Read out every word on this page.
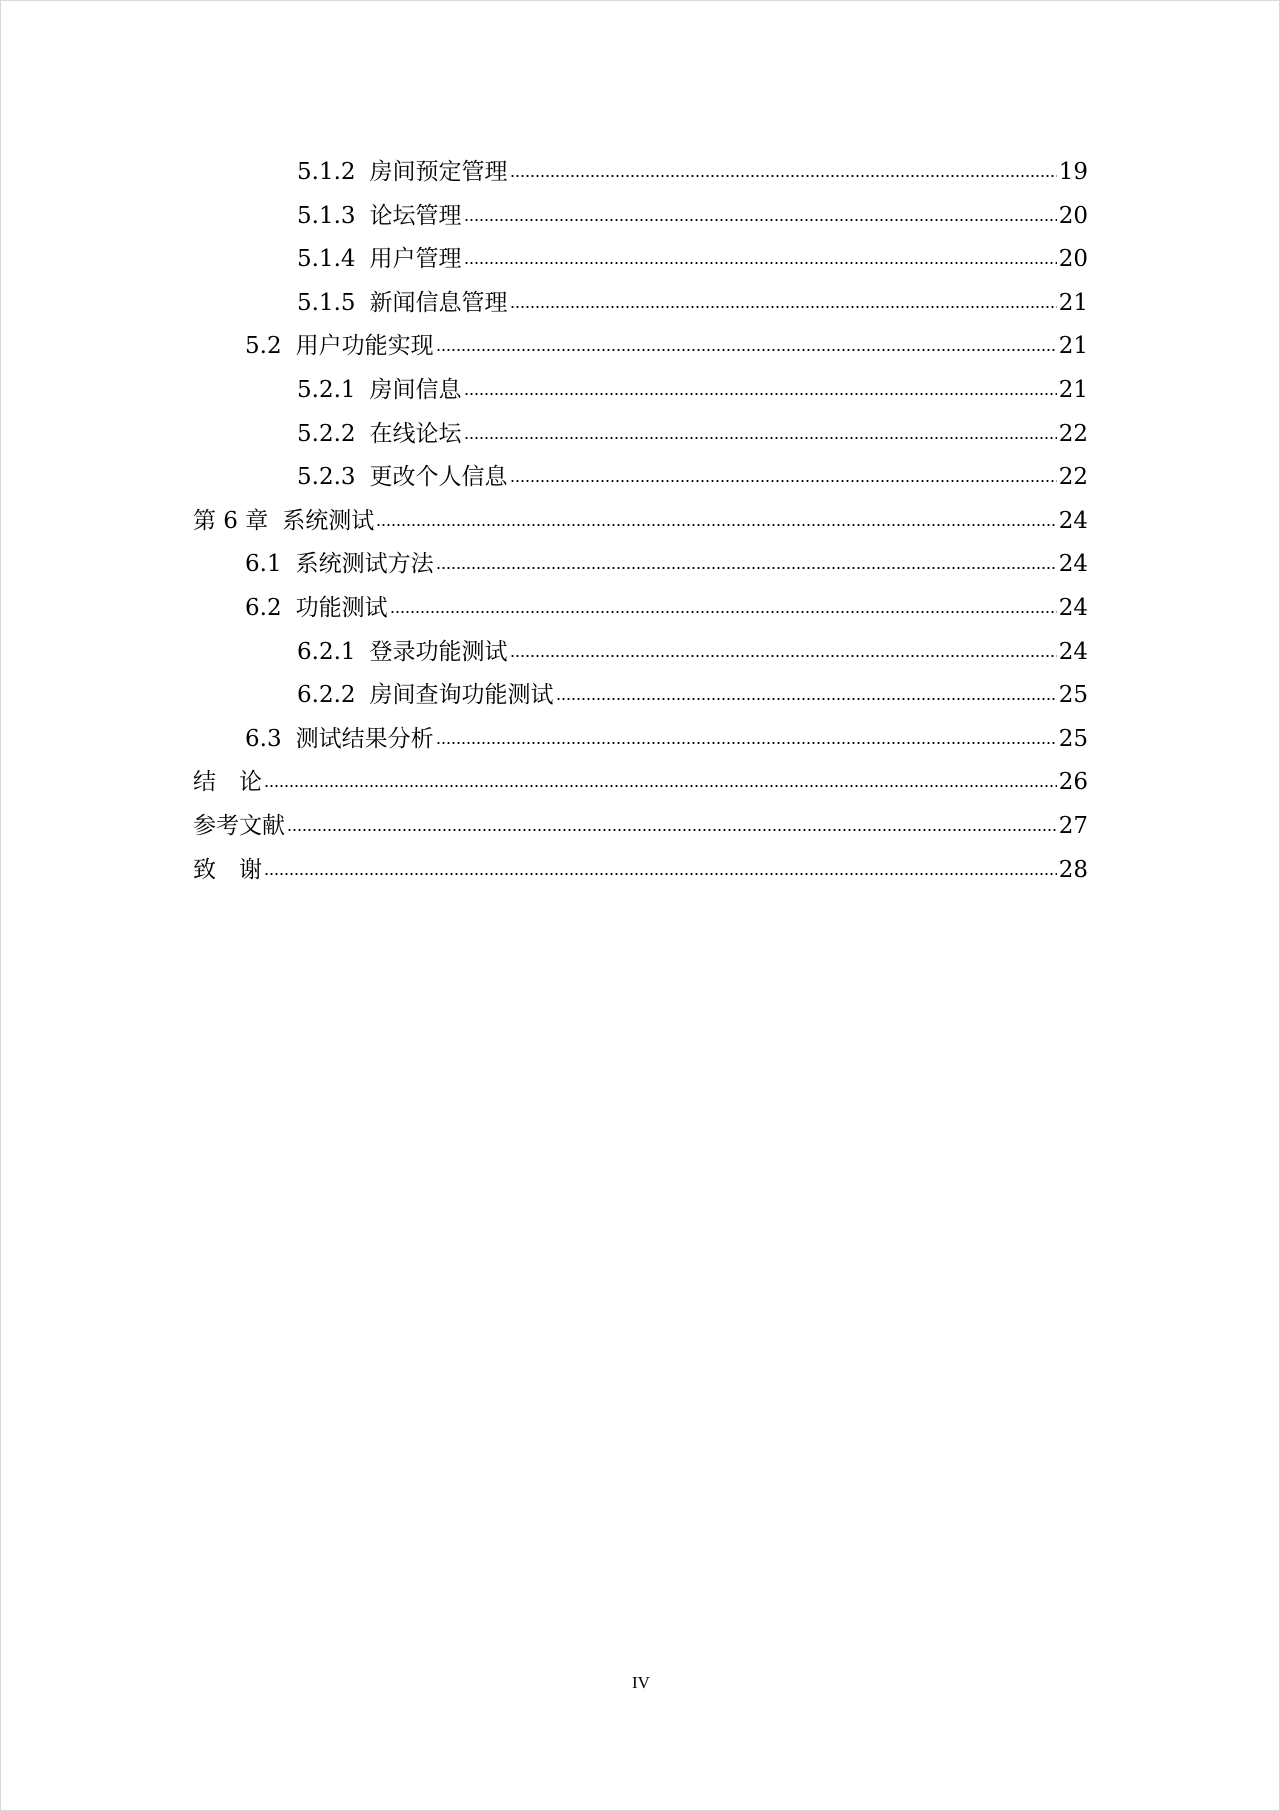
5.1.2 房间预定管理	19
5.1.3 论坛管理	20
5.1.4 用户管理	20
5.1.5 新闻信息管理	21
5.2 用户功能实现	21
5.2.1 房间信息	21
5.2.2 在线论坛	22
5.2.3 更改个人信息	22
第 6 章 系统测试	24
6.1 系统测试方法	24
6.2 功能测试	24
6.2.1 登录功能测试	24
6.2.2 房间查询功能测试	25
6.3 测试结果分析	25
结　论	26
参考文献	27
致　谢	28
IV
